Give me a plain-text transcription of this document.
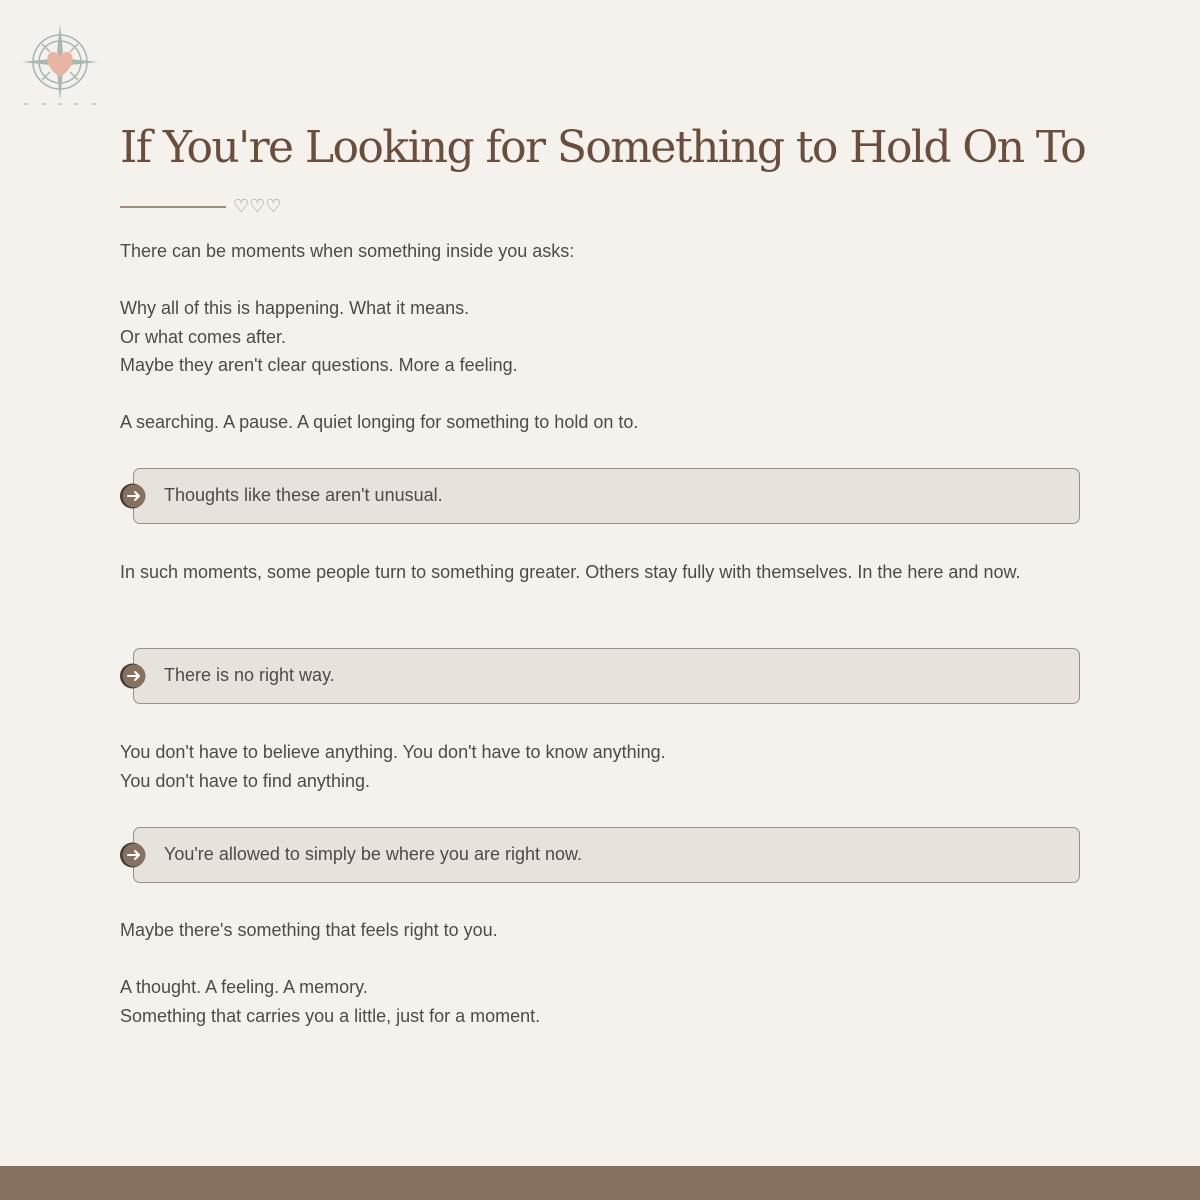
If You're Looking for Something to Hold On To
♡♡♡

There can be moments when something inside you asks:

Why all of this is happening. What it means.
Or what comes after.
Maybe they aren't clear questions. More a feeling.

A searching. A pause. A quiet longing for something to hold on to.

Thoughts like these aren't unusual.

In such moments, some people turn to something greater. Others stay fully with themselves. In the here and now.

There is no right way.

You don't have to believe anything. You don't have to know anything.
You don't have to find anything.

You're allowed to simply be where you are right now.

Maybe there's something that feels right to you.

A thought. A feeling. A memory.
Something that carries you a little, just for a moment.
